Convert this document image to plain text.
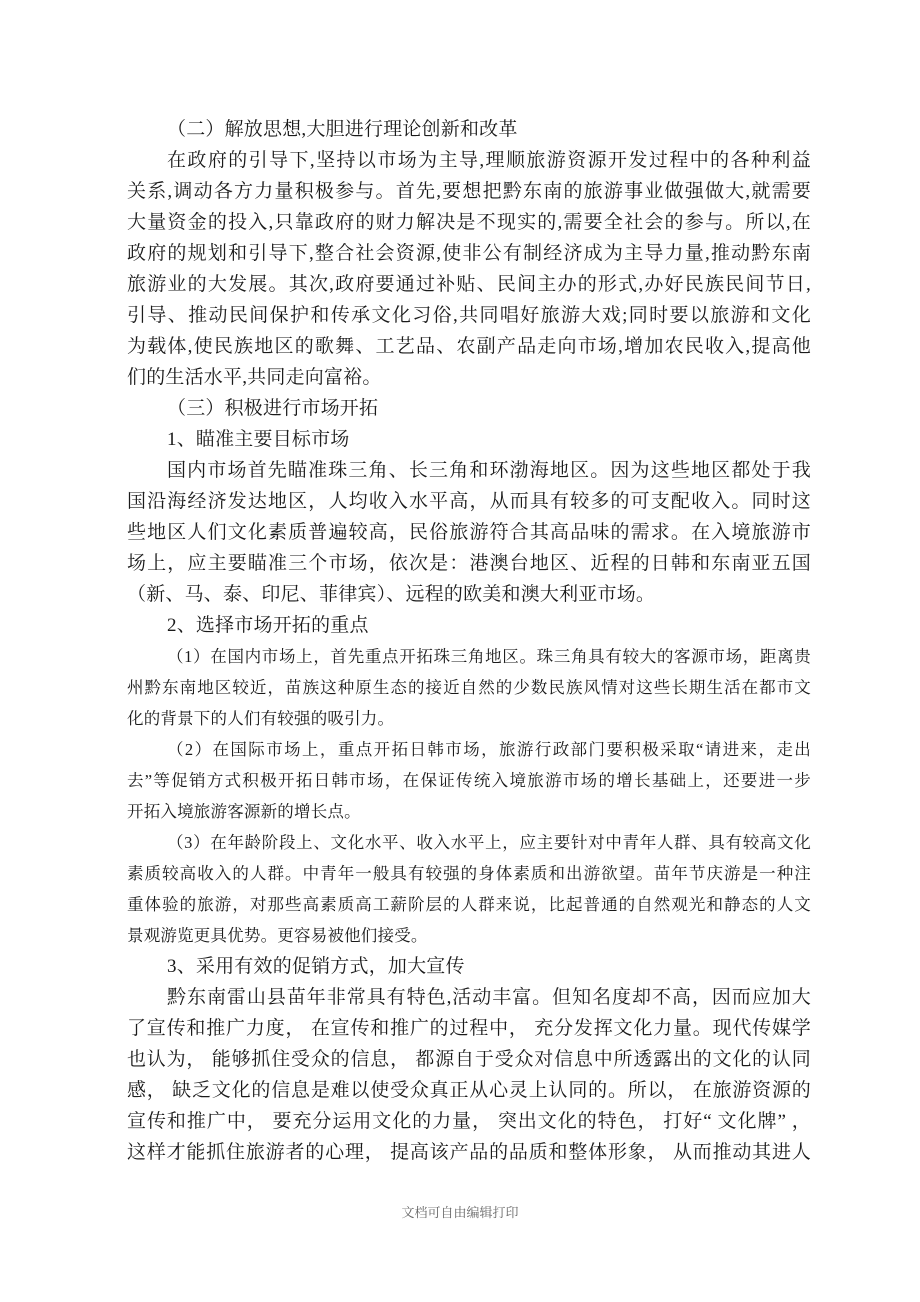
（二）解放思想,大胆进行理论创新和改革
在政府的引导下,坚持以市场为主导,理顺旅游资源开发过程中的各种利益
关系,调动各方力量积极参与。首先,要想把黔东南的旅游事业做强做大,就需要
大量资金的投入,只靠政府的财力解决是不现实的,需要全社会的参与。所以,在
政府的规划和引导下,整合社会资源,使非公有制经济成为主导力量,推动黔东南
旅游业的大发展。其次,政府要通过补贴、民间主办的形式,办好民族民间节日,
引导、推动民间保护和传承文化习俗,共同唱好旅游大戏;同时要以旅游和文化
为载体,使民族地区的歌舞、工艺品、农副产品走向市场,增加农民收入,提高他
们的生活水平,共同走向富裕。
（三）积极进行市场开拓
1、瞄准主要目标市场
国内市场首先瞄准珠三角、长三角和环渤海地区。因为这些地区都处于我
国沿海经济发达地区，人均收入水平高，从而具有较多的可支配收入。同时这
些地区人们文化素质普遍较高，民俗旅游符合其高品味的需求。在入境旅游市
场上，应主要瞄准三个市场，依次是：港澳台地区、近程的日韩和东南亚五国
（新、马、泰、印尼、菲律宾）、远程的欧美和澳大利亚市场。
2、选择市场开拓的重点
（1）在国内市场上，首先重点开拓珠三角地区。珠三角具有较大的客源市场，距离贵
州黔东南地区较近，苗族这种原生态的接近自然的少数民族风情对这些长期生活在都市文
化的背景下的人们有较强的吸引力。
（2）在国际市场上，重点开拓日韩市场，旅游行政部门要积极采取“请进来，走出
去”等促销方式积极开拓日韩市场，在保证传统入境旅游市场的增长基础上，还要进一步
开拓入境旅游客源新的增长点。
（3）在年龄阶段上、文化水平、收入水平上，应主要针对中青年人群、具有较高文化
素质较高收入的人群。中青年一般具有较强的身体素质和出游欲望。苗年节庆游是一种注
重体验的旅游，对那些高素质高工薪阶层的人群来说，比起普通的自然观光和静态的人文
景观游览更具优势。更容易被他们接受。
3、采用有效的促销方式，加大宣传
黔东南雷山县苗年非常具有特色,活动丰富。但知名度却不高，因而应加大
了宣传和推广力度， 在宣传和推广的过程中， 充分发挥文化力量。现代传媒学
也认为， 能够抓住受众的信息， 都源自于受众对信息中所透露出的文化的认同
感， 缺乏文化的信息是难以使受众真正从心灵上认同的。所以， 在旅游资源的
宣传和推广中， 要充分运用文化的力量， 突出文化的特色， 打好“ 文化牌” ，
这样才能抓住旅游者的心理， 提高该产品的品质和整体形象， 从而推动其进人
文档可自由编辑打印
